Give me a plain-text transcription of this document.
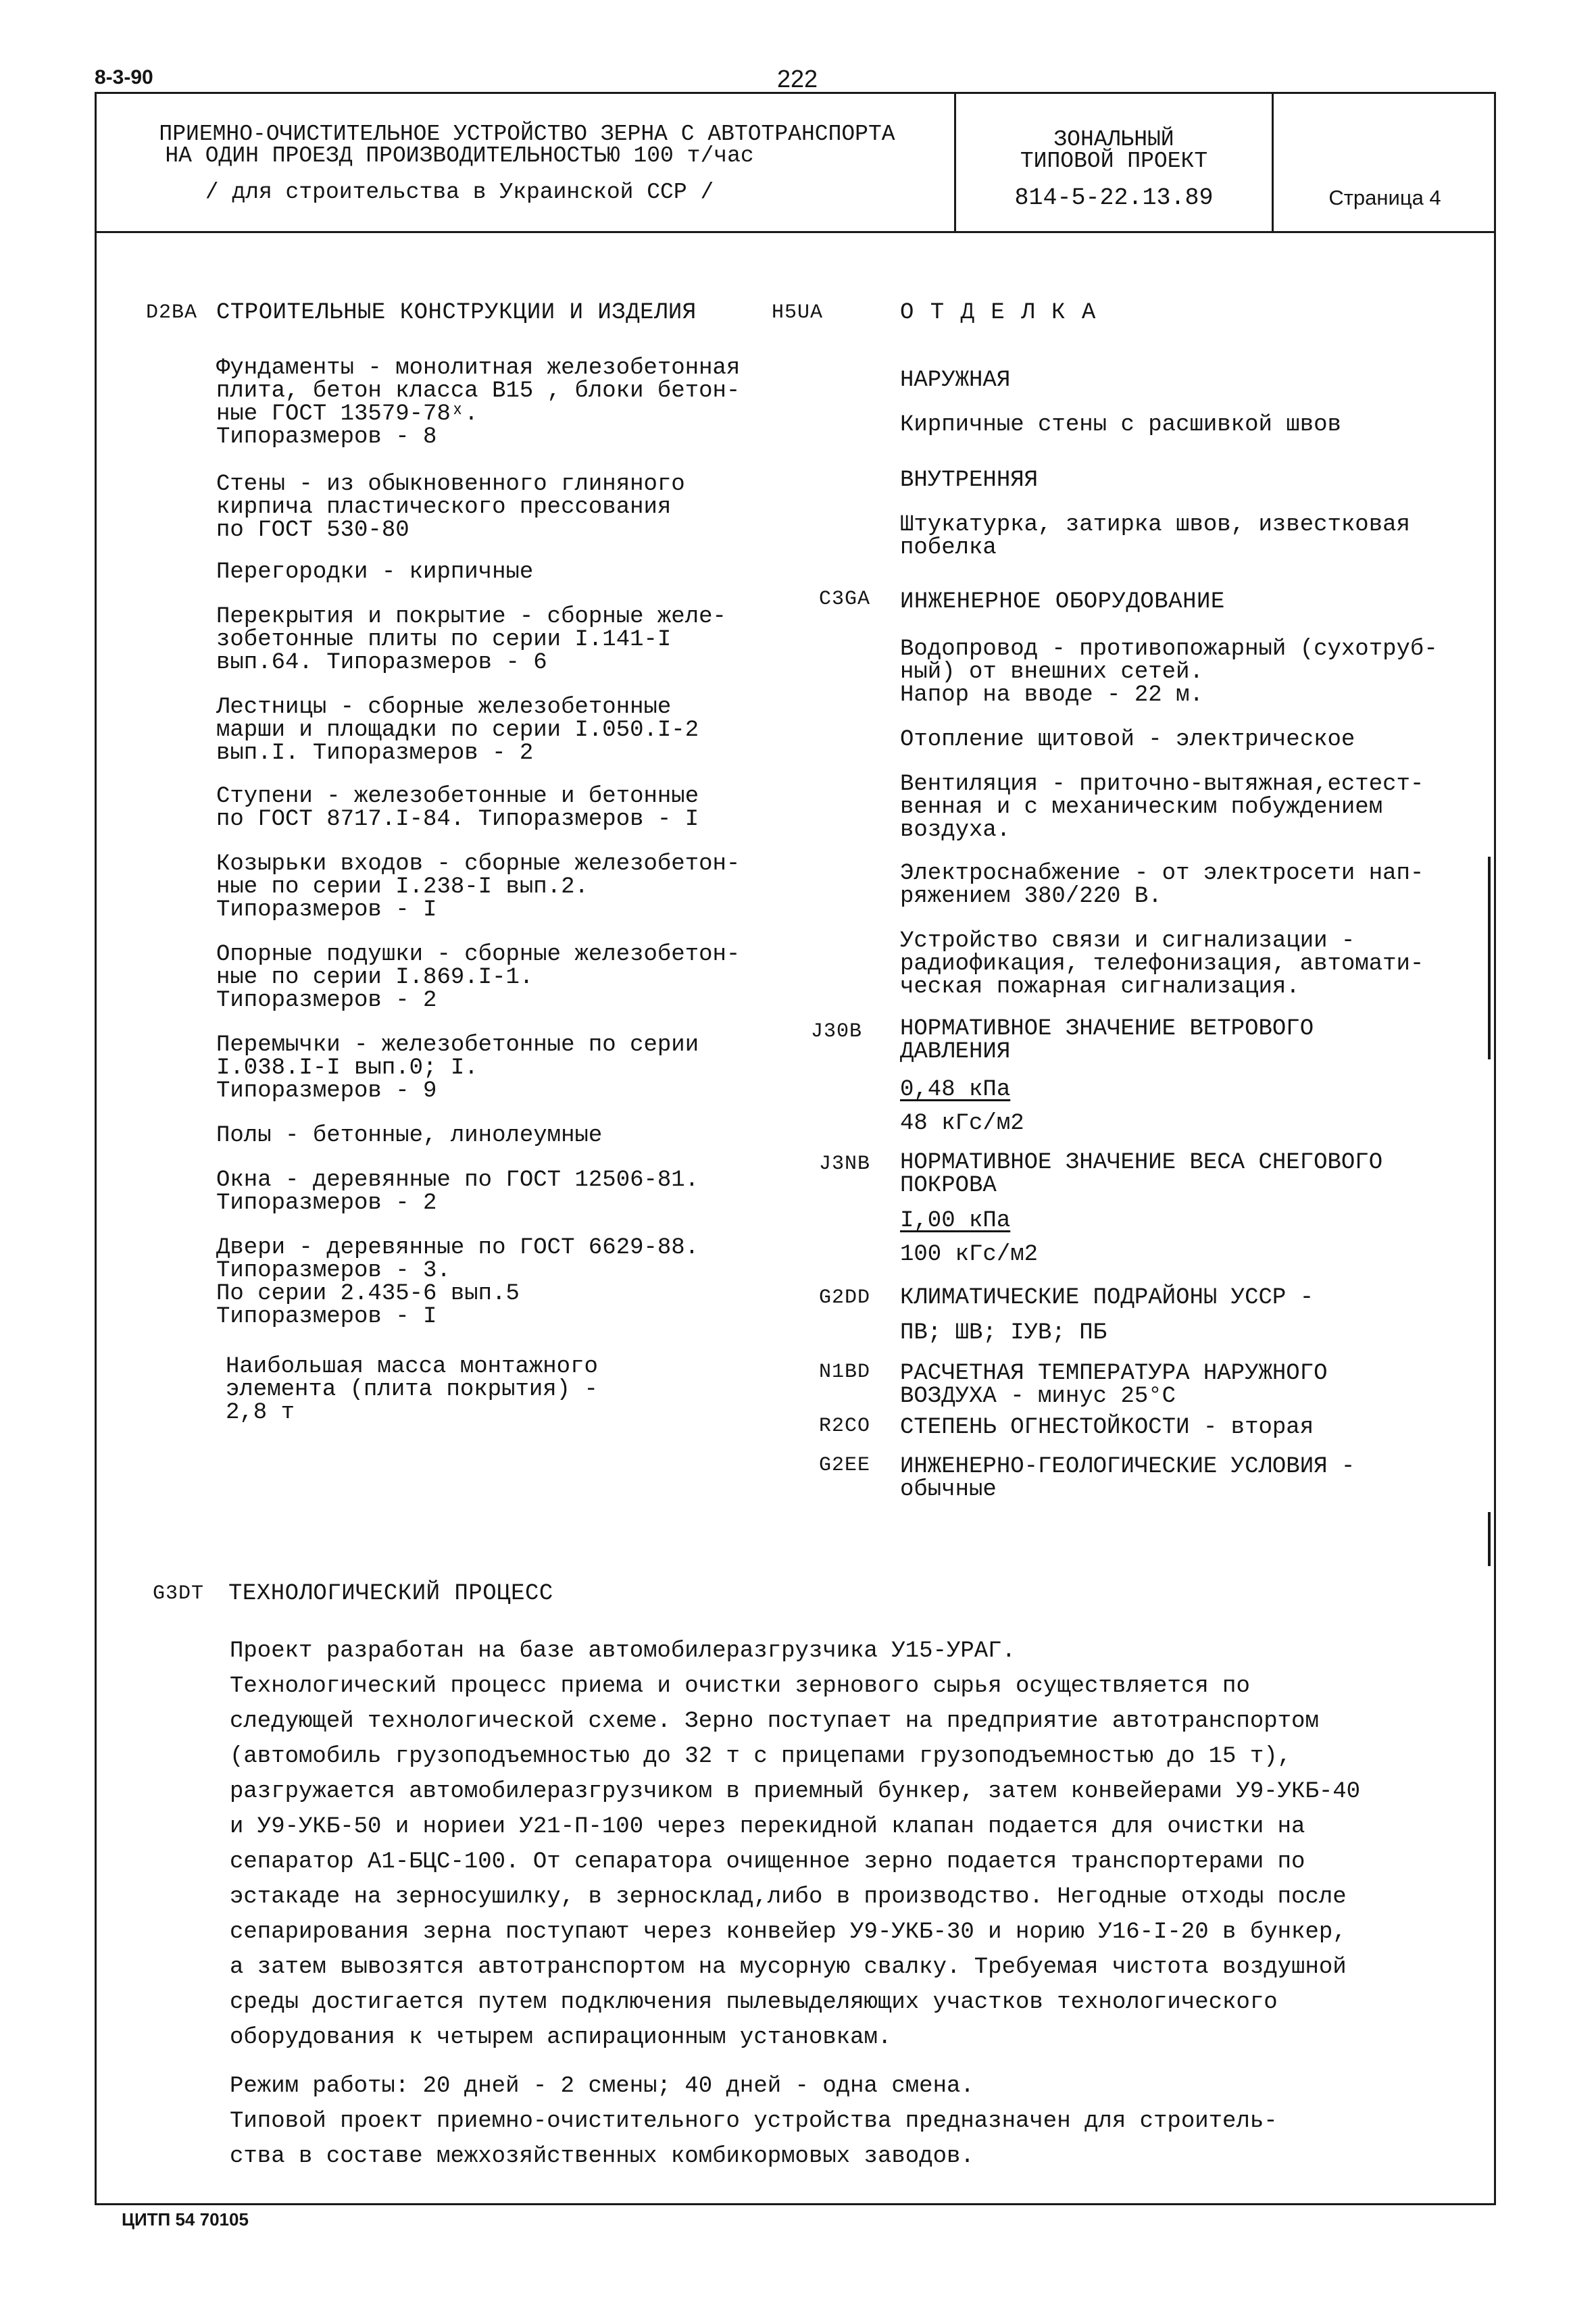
8-3-90	222
ПРИЕМНО-ОЧИСТИТЕЛЬНОЕ УСТРОЙСТВО ЗЕРНА С АВТОТРАНСПОРТА
НА ОДИН ПРОЕЗД ПРОИЗВОДИТЕЛЬНОСТЬЮ 100 т/час
/ для строительства в Украинской ССР /
ЗОНАЛЬНЫЙ
ТИПОВОЙ ПРОЕКТ
814-5-22.13.89	Страница 4
D2BA СТРОИТЕЛЬНЫЕ КОНСТРУКЦИИ И ИЗДЕЛИЯ
Фундаменты - монолитная железобетонная
плита, бетон класса В15 , блоки бетон-
ные ГОСТ 13579-78ˣ.
Типоразмеров - 8
Стены - из обыкновенного глиняного
кирпича пластического прессования
по ГОСТ 530-80
Перегородки - кирпичные
Перекрытия и покрытие - сборные желе-
зобетонные плиты по серии I.141-I
вып.64. Типоразмеров - 6
Лестницы - сборные железобетонные
марши и площадки по серии I.050.I-2
вып.I. Типоразмеров - 2
Ступени - железобетонные и бетонные
по ГОСТ 8717.I-84. Типоразмеров - I
Козырьки входов - сборные железобетон-
ные по серии I.238-I вып.2.
Типоразмеров - I
Опорные подушки - сборные железобетон-
ные по серии I.869.I-1.
Типоразмеров - 2
Перемычки - железобетонные по серии
I.038.I-I вып.0; I.
Типоразмеров - 9
Полы - бетонные, линолеумные
Окна - деревянные по ГОСТ 12506-81.
Типоразмеров - 2
Двери - деревянные по ГОСТ 6629-88.
Типоразмеров - 3.
По серии 2.435-6 вып.5
Типоразмеров - I
Наибольшая масса монтажного
элемента (плита покрытия) -
2,8 т
H5UA	О Т Д Е Л К А
НАРУЖНАЯ
Кирпичные стены с расшивкой швов
ВНУТРЕННЯЯ
Штукатурка, затирка швов, известковая
побелка
C3GA ИНЖЕНЕРНОЕ ОБОРУДОВАНИЕ
Водопровод - противопожарный (сухотруб-
ный) от внешних сетей.
Напор на вводе - 22 м.
Отопление щитовой - электрическое
Вентиляция - приточно-вытяжная,естест-
венная и с механическим побуждением
воздуха.
Электроснабжение - от электросети нап-
ряжением 380/220 В.
Устройство связи и сигнализации -
радиофикация, телефонизация, автомати-
ческая пожарная сигнализация.
J30B НОРМАТИВНОЕ ЗНАЧЕНИЕ ВЕТРОВОГО
ДАВЛЕНИЯ
0,48 кПа
48 кГс/м2
J3NB НОРМАТИВНОЕ ЗНАЧЕНИЕ ВЕСА СНЕГОВОГО
ПОКРОВА
I,00 кПа
100 кГс/м2
G2DD КЛИМАТИЧЕСКИЕ ПОДРАЙОНЫ УССР -
ПВ; ШВ; IУВ; ПБ
N1BD РАСЧЕТНАЯ ТЕМПЕРАТУРА НАРУЖНОГО
ВОЗДУХА - минус 25°С
R2CO СТЕПЕНЬ ОГНЕСТОЙКОСТИ - вторая
G2EE ИНЖЕНЕРНО-ГЕОЛОГИЧЕСКИЕ УСЛОВИЯ -
обычные
G3DT ТЕХНОЛОГИЧЕСКИЙ ПРОЦЕСС
Проект разработан на базе автомобилеразгрузчика У15-УРАГ.
Технологический процесс приема и очистки зернового сырья осуществляется по
следующей технологической схеме. Зерно поступает на предприятие автотранспортом
(автомобиль грузоподъемностью до 32 т с прицепами грузоподъемностью до 15 т),
разгружается автомобилеразгрузчиком в приемный бункер, затем конвейерами У9-УКБ-40
и У9-УКБ-50 и нориеи У21-П-100 через перекидной клапан подается для очистки на
сепаратор А1-БЦС-100. От сепаратора очищенное зерно подается транспортерами по
эстакаде на зерносушилку, в зерносклад,либо в производство. Негодные отходы после
сепарирования зерна поступают через конвейер У9-УКБ-30 и норию У16-I-20 в бункер,
а затем вывозятся автотранспортом на мусорную свалку. Требуемая чистота воздушной
среды достигается путем подключения пылевыделяющих участков технологического
оборудования к четырем аспирационным установкам.
Режим работы: 20 дней - 2 смены; 40 дней - одна смена.
Типовой проект приемно-очистительного устройства предназначен для строитель-
ства в составе межхозяйственных комбикормовых заводов.
ЦИТП 54 70105
